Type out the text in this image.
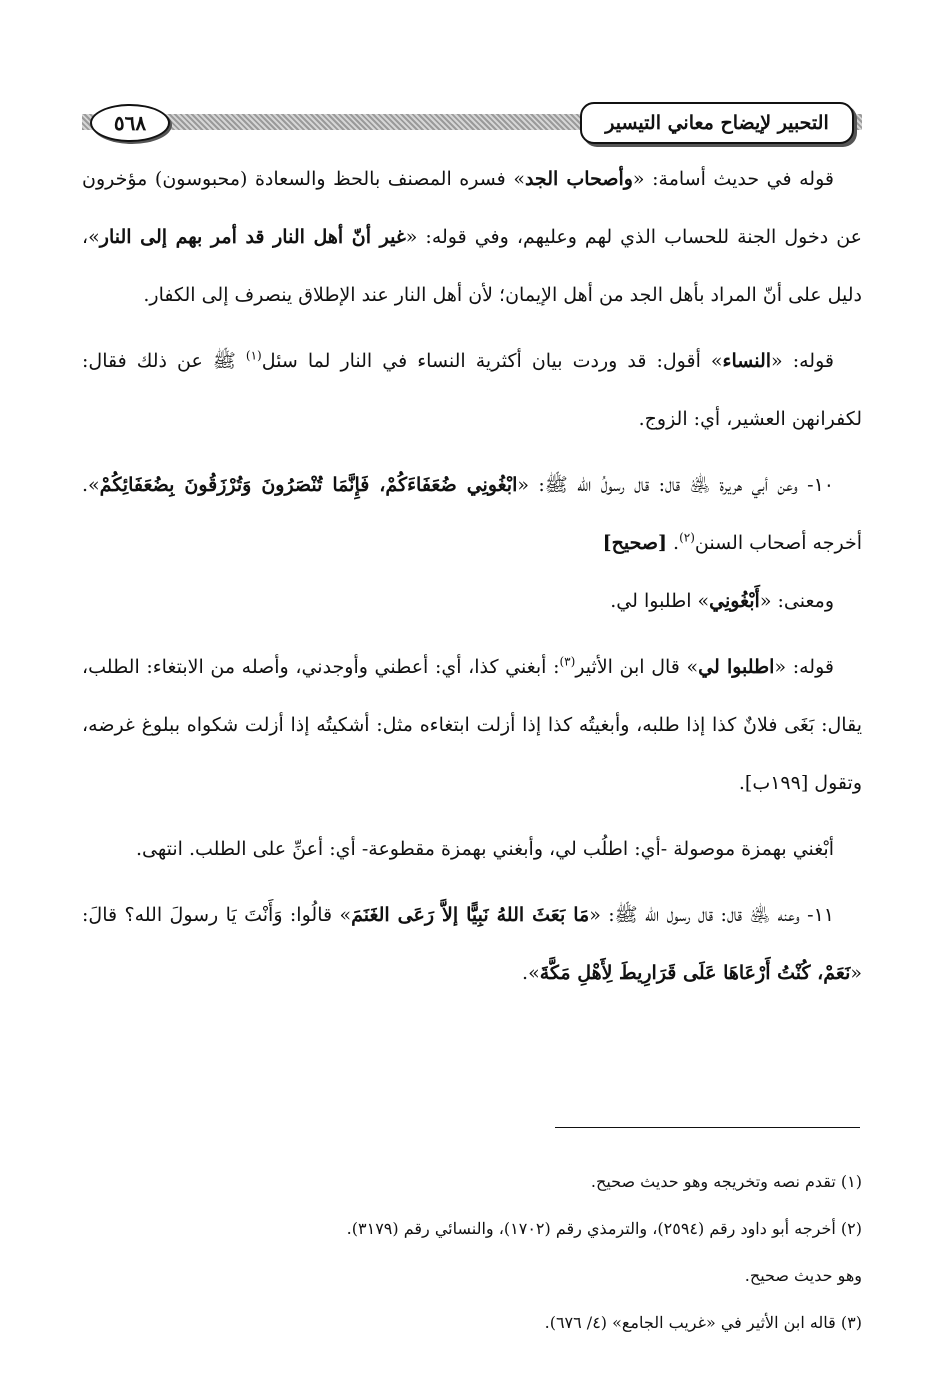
التحبير لإيضاح معاني التيسير
٥٦٨

قوله في حديث أسامة: «وأصحاب الجد» فسره المصنف بالحظ والسعادة (محبوسون) مؤخرون عن دخول الجنة للحساب الذي لهم وعليهم، وفي قوله: «غير أنّ أهل النار قد أمر بهم إلى النار»، دليل على أنّ المراد بأهل الجد من أهل الإيمان؛ لأن أهل النار عند الإطلاق ينصرف إلى الكفار.

قوله: «النساء» أقول: قد وردت بيان أكثرية النساء في النار لما سئل$^{(١)}$ ﷺ عن ذلك فقال: لكفرانهن العشير، أي: الزوج.

١٠- وعن أبي هريرة ﵁ قال: قال رسولُ الله ﷺ: «ابْغُونِي ضُعَفَاءَكُمْ، فَإِنَّمَا تُنْصَرُونَ وَتُرْزَقُونَ بِضُعَفَائِكُمْ». أخرجه أصحاب السنن$^{(٢)}$. [صحيح]

ومعنى: «أَبْغُونِي» اطلبوا لي.

قوله: «اطلبوا لي» قال ابن الأثير$^{(٣)}$: أبغني كذا، أي: أعطني وأوجدني، وأصله من الابتغاء: الطلب، يقال: بَغَى فلانٌ كذا إذا طلبه، وأبغيتُه كذا إذا أزلت ابتغاءه مثل: أشكيتُه إذا أزلت شكواه ببلوغ غرضه، وتقول [١٩٩ب].

أبْغني بهمزة موصولة -أي: اطلُب لي، وأبغني بهمزة مقطوعة- أي: أعنِّ على الطلب. انتهى.

١١- وعنه ﵁ قال: قال رسول الله ﷺ: «مَا بَعَثَ اللهُ نَبِيًّا إلاَّ رَعَى الغَنَمَ» قالُوا: وَأَنْتَ يَا رسولَ الله؟ قالَ: «نَعَمْ، كُنْتُ أَرْعَاهَا عَلَى قَرَارِيطَ لِأَهْلِ مَكَّةَ».

(١) تقدم نصه وتخريجه وهو حديث صحيح.

(٢) أخرجه أبو داود رقم (٢٥٩٤)، والترمذي رقم (١٧٠٢)، والنسائي رقم (٣١٧٩).

وهو حديث صحيح.

(٣) قاله ابن الأثير في «غريب الجامع» (٤/ ٦٧٦).
